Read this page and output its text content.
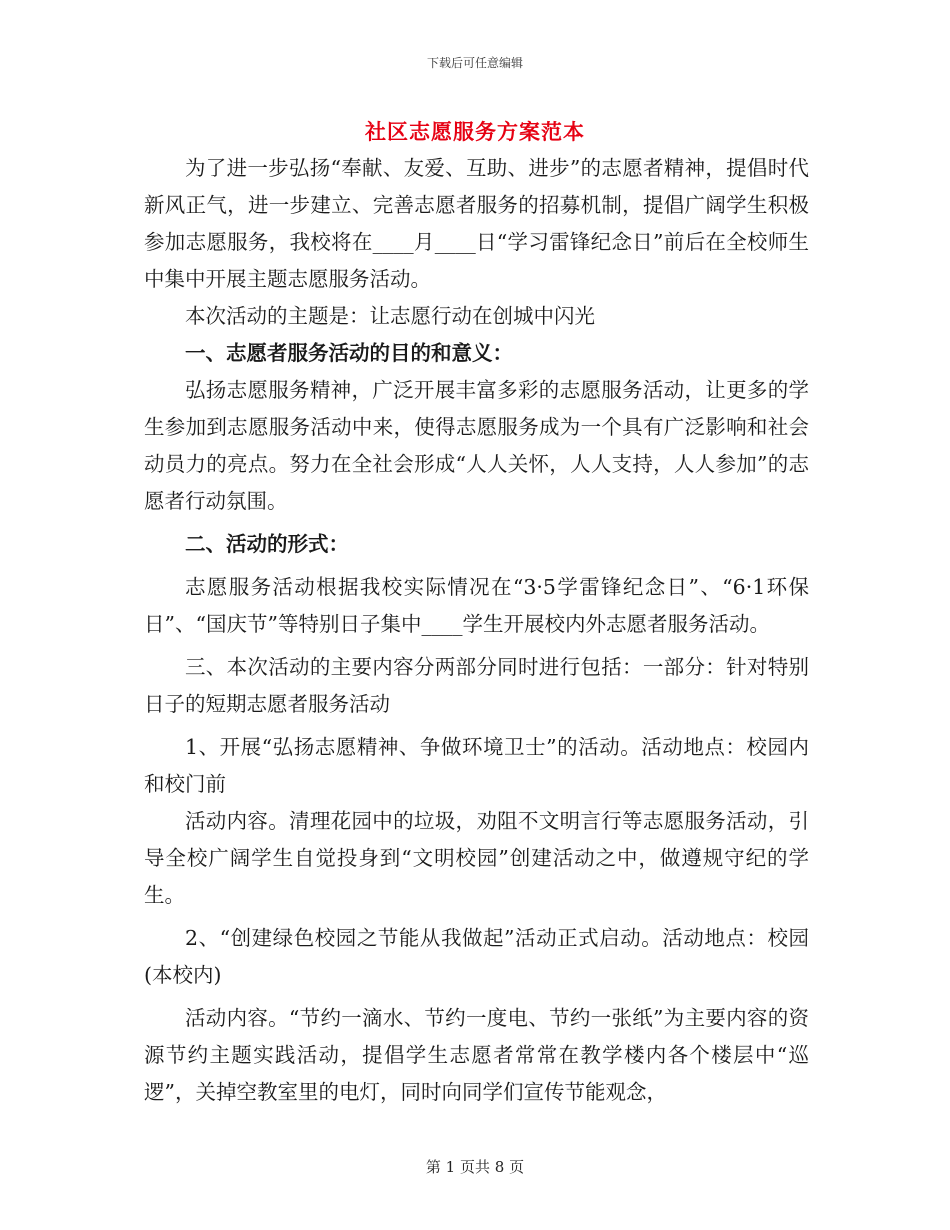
下载后可任意编辑
社区志愿服务方案范本

为了进一步弘扬“奉献、友爱、互助、进步”的志愿者精神，提倡时代新风正气，进一步建立、完善志愿者服务的招募机制，提倡广阔学生积极参加志愿服务，我校将在____月____日“学习雷锋纪念日”前后在全校师生中集中开展主题志愿服务活动。

本次活动的主题是：让志愿行动在创城中闪光

一、志愿者服务活动的目的和意义：

弘扬志愿服务精神，广泛开展丰富多彩的志愿服务活动，让更多的学生参加到志愿服务活动中来，使得志愿服务成为一个具有广泛影响和社会动员力的亮点。努力在全社会形成“人人关怀，人人支持，人人参加”的志愿者行动氛围。

二、活动的形式：

志愿服务活动根据我校实际情况在“3·5学雷锋纪念日”、“6·1环保日”、“国庆节”等特别日子集中____学生开展校内外志愿者服务活动。

三、本次活动的主要内容分两部分同时进行包括：一部分：针对特别日子的短期志愿者服务活动

1、开展“弘扬志愿精神、争做环境卫士”的活动。活动地点：校园内和校门前

活动内容。清理花园中的垃圾，劝阻不文明言行等志愿服务活动，引导全校广阔学生自觉投身到“文明校园”创建活动之中，做遵规守纪的学生。

2、“创建绿色校园之节能从我做起”活动正式启动。活动地点：校园(本校内)

活动内容。“节约一滴水、节约一度电、节约一张纸”为主要内容的资源节约主题实践活动，提倡学生志愿者常常在教学楼内各个楼层中“巡逻”，关掉空教室里的电灯，同时向同学们宣传节能观念，

第 1 页共 8 页
